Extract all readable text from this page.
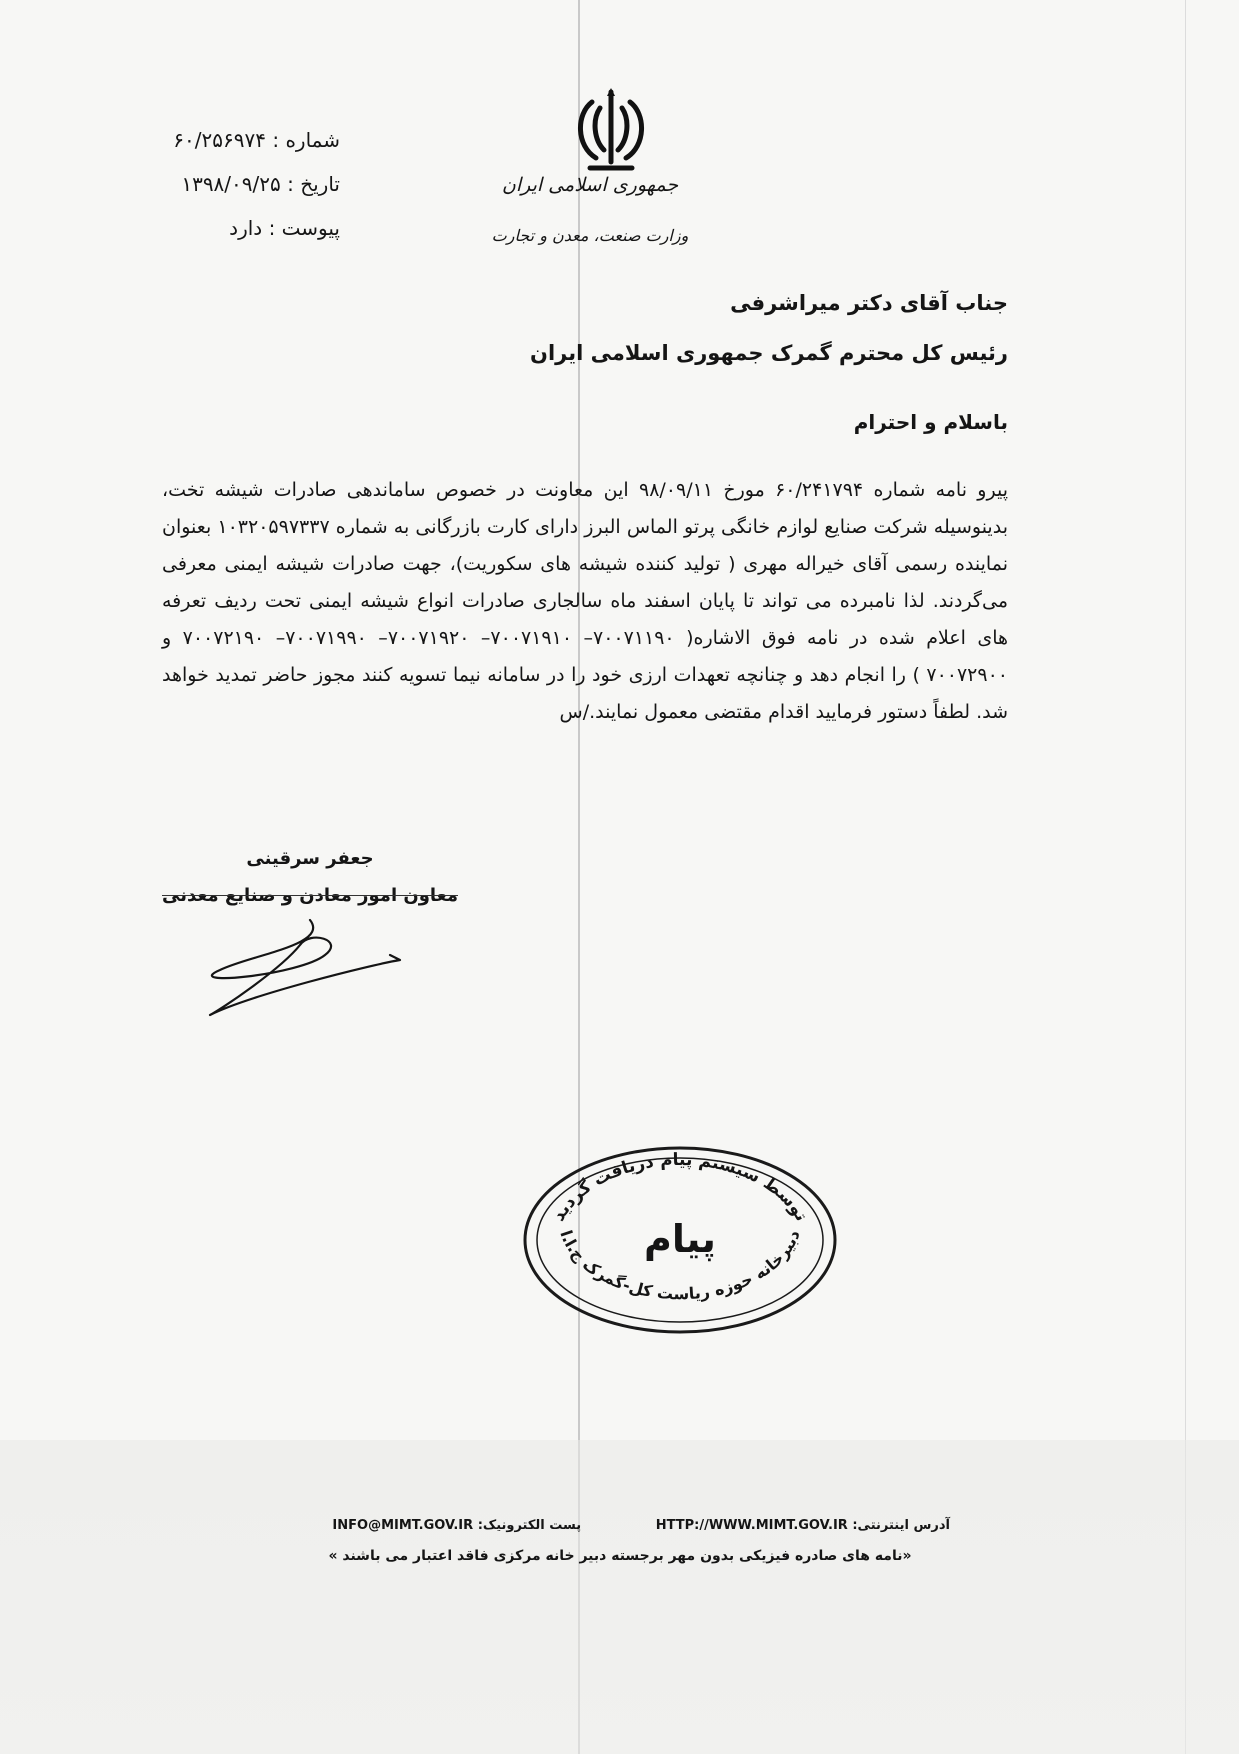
شماره : ۶۰/۲۵۶۹۷۴
تاریخ : ۱۳۹۸/۰۹/۲۵
پیوست : دارد
جمهوری اسلامی ایران
وزارت صنعت، معدن و تجارت
جناب آقای دکتر میراشرفی
رئیس کل محترم گمرک جمهوری اسلامی ایران
باسلام و احترام
پیرو نامه شماره ۶۰/۲۴۱۷۹۴ مورخ ۹۸/۰۹/۱۱ این معاونت در خصوص ساماندهی صادرات شیشه تخت، بدینوسیله شرکت صنایع لوازم خانگی پرتو الماس البرز دارای کارت بازرگانی به شماره ۱۰۳۲۰۵۹۷۳۳۷ بعنوان نماینده رسمی آقای خیراله مهری ( تولید کننده شیشه های سکوریت)، جهت صادرات شیشه ایمنی معرفی می‌گردند. لذا نامبرده می تواند تا پایان اسفند ماه سالجاری صادرات انواع شیشه ایمنی تحت ردیف تعرفه های اعلام شده در نامه فوق الاشاره( ۷۰۰۷۱۱۹۰– ۷۰۰۷۱۹۱۰– ۷۰۰۷۱۹۲۰– ۷۰۰۷۱۹۹۰– ۷۰۰۷۲۱۹۰ و ۷۰۰۷۲۹۰۰ ) را انجام دهد و چنانچه تعهدات ارزی خود را در سامانه نیما تسویه کنند مجوز حاضر تمدید خواهد شد. لطفاً دستور فرمایید اقدام مقتضی معمول نمایند./س
جعفر سرقینی
معاون امور معادن و صنایع معدنی
توسط سیستم پیام دریافت گردید
پیام
دبیرخانه حوزه ریاست کل-گمرک ج.ا.ا
آدرس اینترنتی: HTTP://WWW.MIMT.GOV.IR پست الکترونیک: INFO@MIMT.GOV.IR
«نامه های صادره فیزیکی بدون مهر برجسته دبیر خانه مرکزی فاقد اعتبار می باشند »
